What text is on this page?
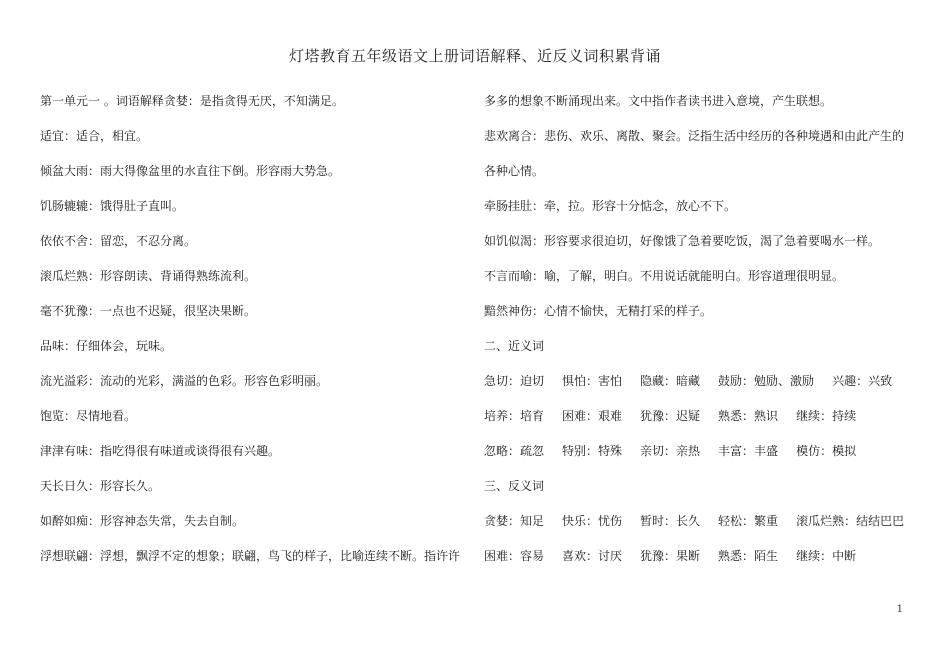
灯塔教育五年级语文上册词语解释、近反义词积累背诵
第一单元一 。词语解释贪婪：是指贪得无厌，不知满足。
适宜：适合，相宜。
倾盆大雨：雨大得像盆里的水直往下倒。形容雨大势急。
饥肠辘辘：饿得肚子直叫。
依依不舍：留恋，不忍分离。
滚瓜烂熟：形容朗读、背诵得熟练流利。
毫不犹豫：一点也不迟疑，很坚决果断。
品味：仔细体会，玩味。
流光溢彩：流动的光彩，满溢的色彩。形容色彩明丽。
饱览：尽情地看。
津津有味：指吃得很有味道或谈得很有兴趣。
天长日久：形容长久。
如醉如痴：形容神态失常，失去自制。
浮想联翩：浮想，飘浮不定的想象；联翩，鸟飞的样子，比喻连续不断。指许许
多多的想象不断涌现出来。文中指作者读书进入意境，产生联想。
悲欢离合：悲伤、欢乐、离散、聚会。泛指生活中经历的各种境遇和由此产生的
各种心情。
牵肠挂肚：牵，拉。形容十分惦念，放心不下。
如饥似渴：形容要求很迫切，好像饿了急着要吃饭，渴了急着要喝水一样。
不言而喻：喻，了解，明白。不用说话就能明白。形容道理很明显。
黯然神伤：心情不愉快，无精打采的样子。
二、近义词
急切：迫切 惧怕：害怕 隐藏：暗藏 鼓励：勉励、激励 兴趣：兴致
培养：培育 困难：艰难 犹豫：迟疑 熟悉：熟识 继续：持续
忽略：疏忽 特别：特殊 亲切：亲热 丰富：丰盛 模仿：模拟
三、反义词
贪婪：知足 快乐：忧伤 暂时：长久 轻松：繁重 滚瓜烂熟：结结巴巴
困难：容易 喜欢：讨厌 犹豫：果断 熟悉：陌生 继续：中断
1
